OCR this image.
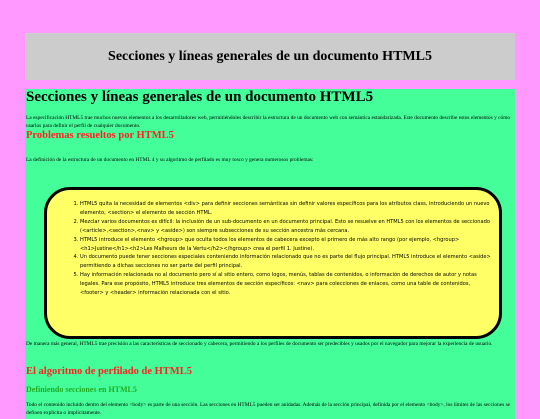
Secciones y líneas generales de un documento HTML5
Secciones y líneas generales de un documento HTML5

La especificación HTML5 trae muchos nuevos elementos a los desarrolladores web, permitiéndoles describir la estructura de un documento web con semántica estandarizada. Este documento describe estos elementos y cómo usarlos para definir el perfil de cualquier documento.

Problemas resueltos por HTML5

La definición de la estructura de un documento en HTML 4 y su algoritmo de perfilado es muy tosco y genera numerosos problemas:

1. HTML5 quita la necesidad de elementos <div> para definir secciones semánticas sin definir valores específicos para los atributos class, introduciendo un nuevo elemento, <section> el elemento de sección HTML.
2. Mezclar varios documentos es difícil: la inclusión de un sub-documento en un documento principal. Esto se resuelve en HTML5 con los elementos de seccionado (<article>,<section>,<nav> y <aside>) son siempre subsecciones de su sección ancestra más cercana.
3. HTML5 introduce el elemento <hgroup> que oculta todos los elementos de cabecera excepto el primero de más alto rango (por ejemplo, <hgroup><h1>Justine</h1><h2>Les Malheurs de la Vertu</h2></hgroup> crea el perfil 1. Justine).
4. Un documento puede tener secciones especiales conteniendo información relacionado que no es parte del flujo principal. HTML5 introduce el elemento <aside> permitiendo a dichas secciones no ser parte del perfil principal.
5. Hay información relacionada no al documento pero sí al sitio entero, como logos, menús, tablas de contenidos, o información de derechos de autor y notas legales. Para ese propósito, HTML5 introduce tres elementos de sección específicos: <nav> para colecciones de enlaces, como una table de contenidos, <footer> y <header> información relacionada con el sitio.

De manera más general, HTML5 trae precisión a las características de seccionado y cabecera, permitiendo a los perfiles de documento ser predecibles y usados por el navegador para mejorar la experiencia de usuario.

El algoritmo de perfilado de HTML5
Definiendo secciones en HTML5

Todo el contenido incluido dentro del elemento <body> es parte de una sección. Las secciones en HTML5 pueden ser anidadas. Además de la sección principal, definida por el elemento <body>, los límites de las secciones se definen explícita o implícitamente.
